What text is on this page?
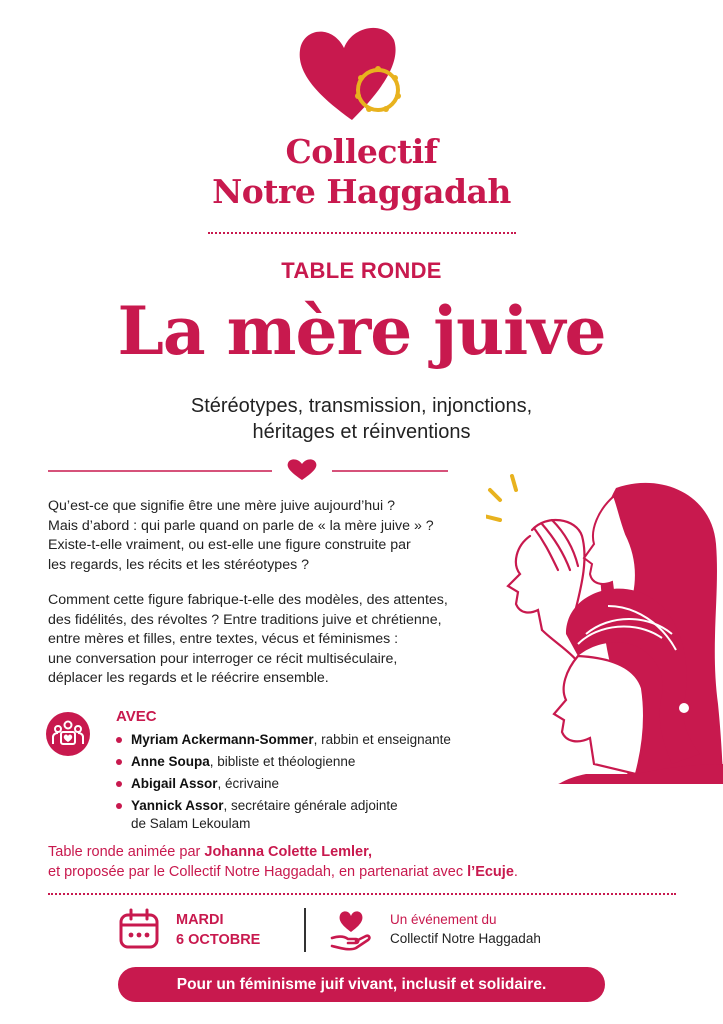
Collectif
Notre Haggadah
TABLE RONDE
La mère juive
Stéréotypes, transmission, injonctions,
héritages et réinventions
Qu’est-ce que signifie être une mère juive aujourd’hui ?
Mais d’abord : qui parle quand on parle de « la mère juive » ?
Existe-t-elle vraiment, ou est-elle une figure construite par
les regards, les récits et les stéréotypes ?
Comment cette figure fabrique-t-elle des modèles, des attentes,
des fidélités, des révoltes ? Entre traditions juive et chrétienne,
entre mères et filles, entre textes, vécus et féminismes :
une conversation pour interroger ce récit multiséculaire,
déplacer les regards et le réécrire ensemble.
AVEC
Myriam Ackermann-Sommer, rabbin et enseignante
Anne Soupa, bibliste et théologienne
Abigail Assor, écrivaine
Yannick Assor, secrétaire générale adjointe
de Salam Lekoulam
Table ronde animée par Johanna Colette Lemler,
et proposée par le Collectif Notre Haggadah, en partenariat avec l’Ecuje.
MARDI
6 OCTOBRE
Un événement du
Collectif Notre Haggadah
Pour un féminisme juif vivant, inclusif et solidaire.
